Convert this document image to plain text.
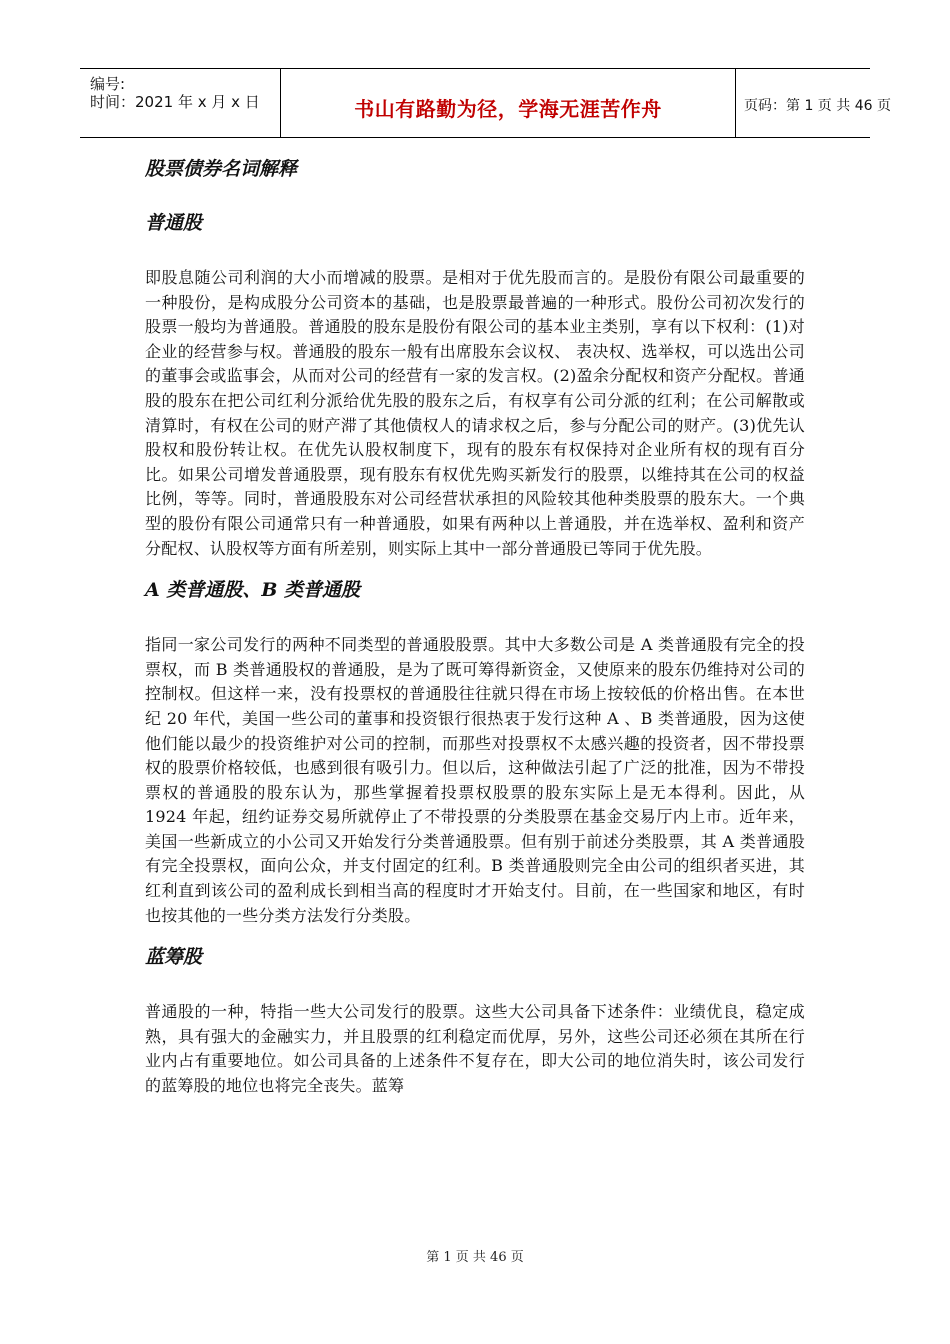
编号:
时间：2021 年 x 月 x 日	书山有路勤为径，学海无涯苦作舟	页码：第 1 页 共 46 页
股票债券名词解释
普通股

即股息随公司利润的大小而增减的股票。是相对于优先股而言的。是股份有限公司最重要的一种股份，是构成股分公司资本的基础，也是股票最普遍的一种形式。股份公司初次发行的股票一般均为普通股。普通股的股东是股份有限公司的基本业主类别，享有以下权利：(1)对企业的经营参与权。普通股的股东一般有出席股东会议权、 表决权、选举权，可以选出公司的董事会或监事会，从而对公司的经营有一家的发言权。(2)盈余分配权和资产分配权。普通股的股东在把公司红利分派给优先股的股东之后，有权享有公司分派的红利；在公司解散或清算时，有权在公司的财产滞了其他债权人的请求权之后，参与分配公司的财产。(3)优先认股权和股份转让权。在优先认股权制度下，现有的股东有权保持对企业所有权的现有百分比。如果公司增发普通股票，现有股东有权优先购买新发行的股票，以维持其在公司的权益比例，等等。同时，普通股股东对公司经营状承担的风险较其他种类股票的股东大。一个典型的股份有限公司通常只有一种普通股，如果有两种以上普通股，并在选举权、盈利和资产分配权、认股权等方面有所差别，则实际上其中一部分普通股已等同于优先股。

A 类普通股、B 类普通股

指同一家公司发行的两种不同类型的普通股股票。其中大多数公司是 A 类普通股有完全的投票权，而 B 类普通股权的普通股，是为了既可筹得新资金，又使原来的股东仍维持对公司的控制权。但这样一来，没有投票权的普通股往往就只得在市场上按较低的价格出售。在本世纪 20 年代，美国一些公司的董事和投资银行很热衷于发行这种 A 、B 类普通股，因为这使他们能以最少的投资维护对公司的控制，而那些对投票权不太感兴趣的投资者，因不带投票权的股票价格较低，也感到很有吸引力。但以后，这种做法引起了广泛的批准，因为不带投票权的普通股的股东认为，那些掌握着投票权股票的股东实际上是无本得利。因此，从 1924 年起，纽约证券交易所就停止了不带投票的分类股票在基金交易厅内上市。近年来，美国一些新成立的小公司又开始发行分类普通股票。但有别于前述分类股票，其 A 类普通股有完全投票权，面向公众，并支付固定的红利。B 类普通股则完全由公司的组织者买进，其红利直到该公司的盈利成长到相当高的程度时才开始支付。目前，在一些国家和地区，有时也按其他的一些分类方法发行分类股。

蓝筹股

普通股的一种，特指一些大公司发行的股票。这些大公司具备下述条件：业绩优良，稳定成熟，具有强大的金融实力，并且股票的红利稳定而优厚，另外，这些公司还必须在其所在行业内占有重要地位。如公司具备的上述条件不复存在，即大公司的地位消失时，该公司发行的蓝筹股的地位也将完全丧失。蓝筹

第 1 页 共 46 页
